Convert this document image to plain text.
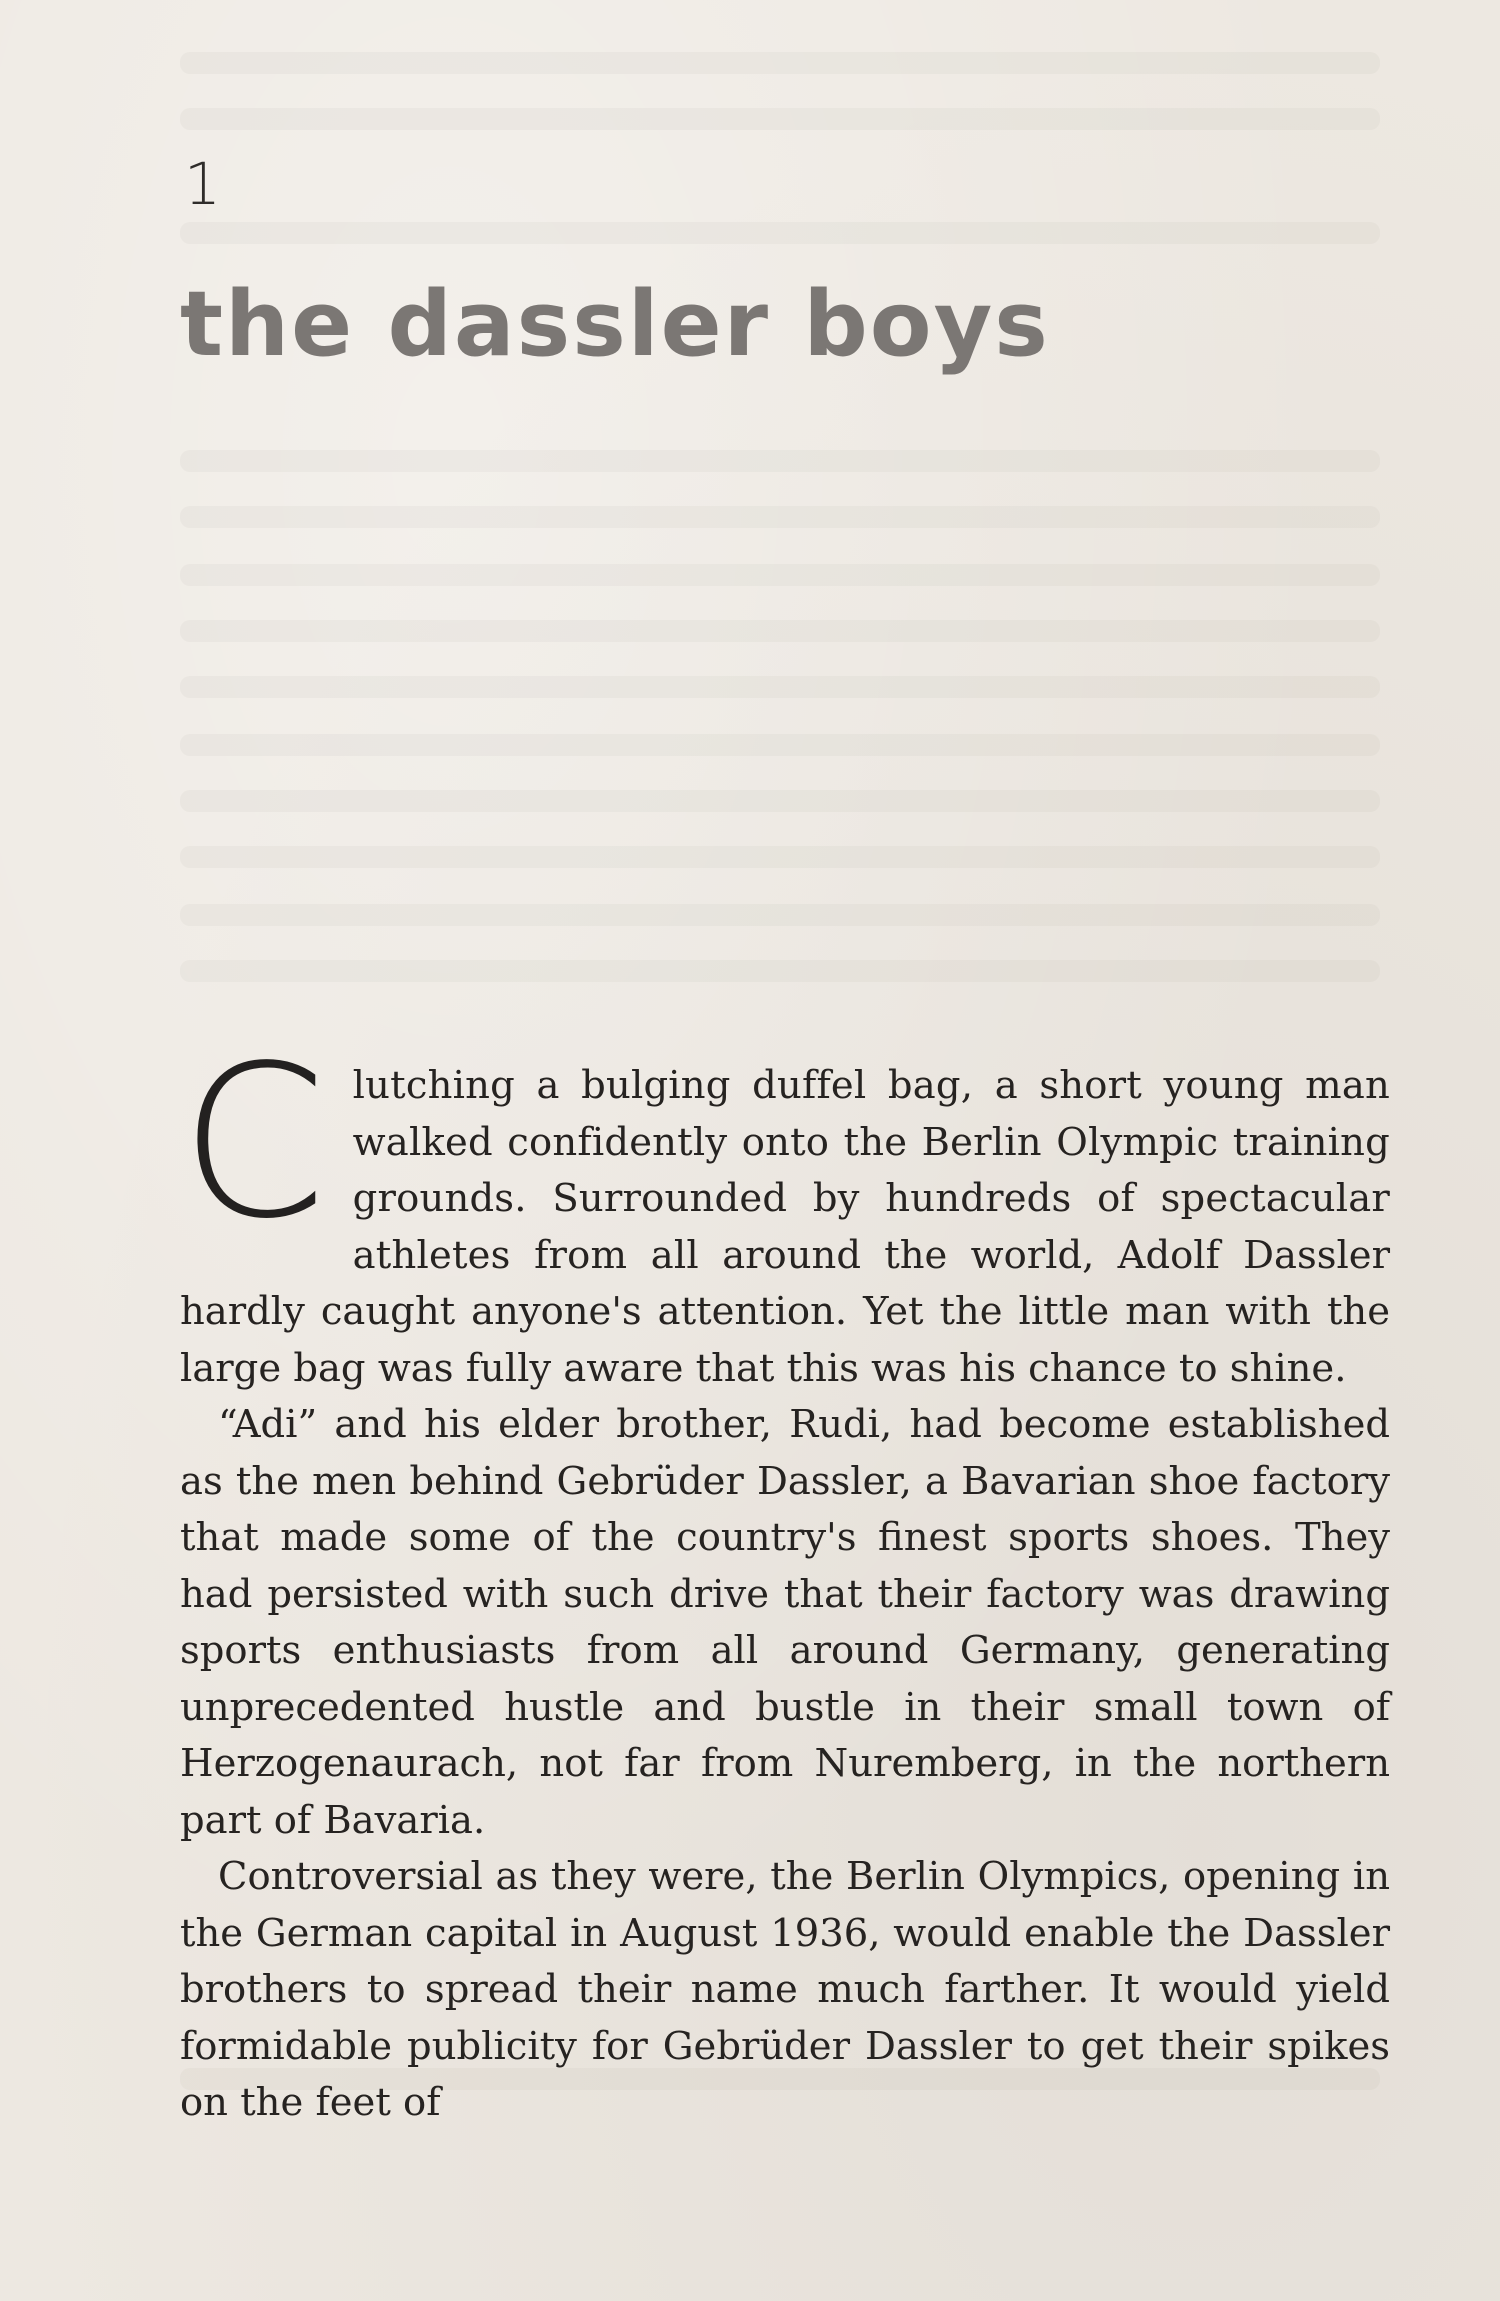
1
the dassler boys

Clutching a bulging duffel bag, a short young man walked confidently onto the Berlin Olympic training grounds. Surrounded by hundreds of spectacular athletes from all around the world, Adolf Dassler hardly caught anyone's attention. Yet the little man with the large bag was fully aware that this was his chance to shine.

“Adi” and his elder brother, Rudi, had become established as the men behind Gebrüder Dassler, a Bavarian shoe factory that made some of the country's finest sports shoes. They had persisted with such drive that their factory was drawing sports enthusiasts from all around Germany, generating unprecedented hustle and bustle in their small town of Herzogenaurach, not far from Nuremberg, in the northern part of Bavaria.

Controversial as they were, the Berlin Olympics, opening in the German capital in August 1936, would enable the Dassler brothers to spread their name much farther. It would yield formidable publicity for Gebrüder Dassler to get their spikes on the feet of
